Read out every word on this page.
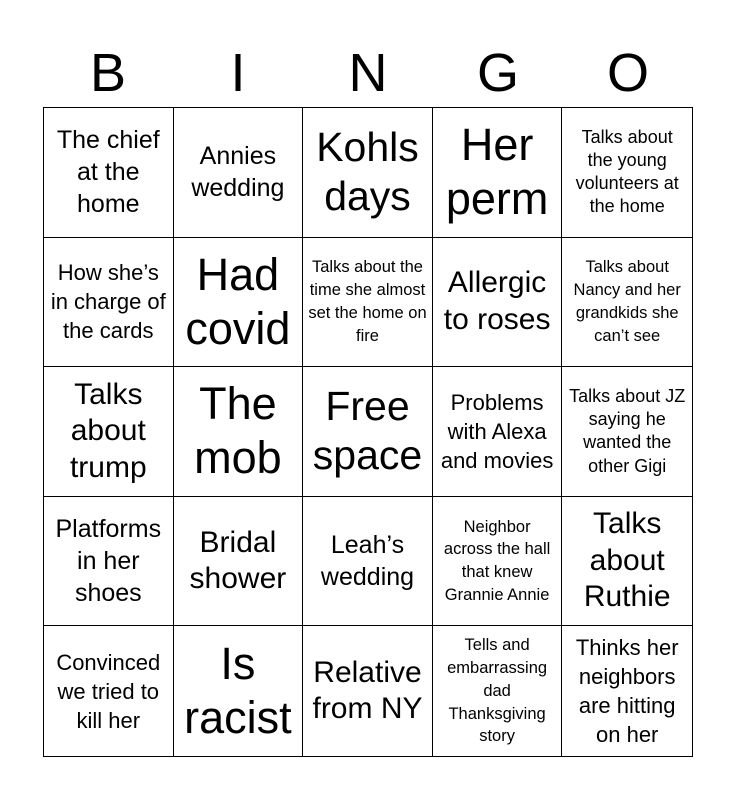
B	I	N	G	O
The chief at the home
Annies wedding
Kohls days
Her perm
Talks about the young volunteers at the home
How she’s in charge of the cards
Had covid
Talks about the time she almost set the home on fire
Allergic to roses
Talks about Nancy and her grandkids she can’t see
Talks about trump
The mob
Free space
Problems with Alexa and movies
Talks about JZ saying he wanted the other Gigi
Platforms in her shoes
Bridal shower
Leah’s wedding
Neighbor across the hall that knew Grannie Annie
Talks about Ruthie
Convinced we tried to kill her
Is racist
Relative from NY
Tells and embarrassing dad Thanksgiving story
Thinks her neighbors are hitting on her
